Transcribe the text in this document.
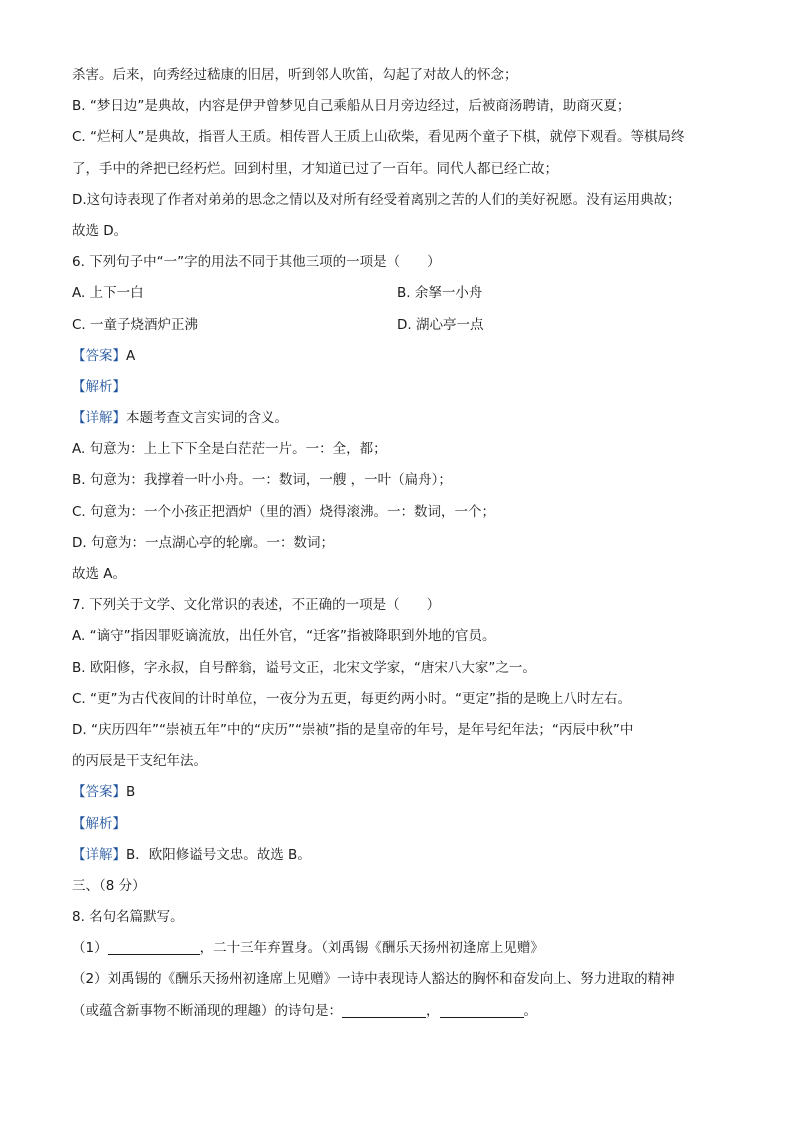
杀害。后来，向秀经过嵇康的旧居，听到邻人吹笛，勾起了对故人的怀念；
B. “梦日边”是典故，内容是伊尹曾梦见自己乘船从日月旁边经过，后被商汤聘请，助商灭夏；
C. “烂柯人”是典故，指晋人王质。相传晋人王质上山砍柴，看见两个童子下棋，就停下观看。等棋局终
了，手中的斧把已经朽烂。回到村里，才知道已过了一百年。同代人都已经亡故；
D.这句诗表现了作者对弟弟的思念之情以及对所有经受着离别之苦的人们的美好祝愿。没有运用典故；
故选 D。
6. 下列句子中“一”字的用法不同于其他三项的一项是（　　）
A. 上下一白	B. 余拏一小舟
C. 一童子烧酒炉正沸	D. 湖心亭一点
【答案】A
【解析】
【详解】本题考查文言实词的含义。
A. 句意为：上上下下全是白茫茫一片。一：全，都；
B. 句意为：我撑着一叶小舟。一：数词，一艘 ，一叶（扁舟）；
C. 句意为：一个小孩正把酒炉（里的酒）烧得滚沸。一：数词，一个；
D. 句意为：一点湖心亭的轮廓。一：数词；
故选 A。
7. 下列关于文学、文化常识的表述，不正确的一项是（　　）
A. “谪守”指因罪贬谪流放，出任外官，“迁客”指被降职到外地的官员。
B. 欧阳修，字永叔，自号醉翁，谥号文正，北宋文学家，“唐宋八大家”之一。
C. “更”为古代夜间的计时单位，一夜分为五更，每更约两小时。“更定”指的是晚上八时左右。
D. “庆历四年”“崇祯五年”中的“庆历”“崇祯”指的是皇帝的年号，是年号纪年法；“丙辰中秋”中
的丙辰是干支纪年法。
【答案】B
【解析】
【详解】B．欧阳修谥号文忠。故选 B。
三、（8 分）
8. 名句名篇默写。
（1）	，二十三年弃置身。（刘禹锡《酬乐天扬州初逢席上见赠》
（2）刘禹锡的《酬乐天扬州初逢席上见赠》一诗中表现诗人豁达的胸怀和奋发向上、努力进取的精神
（或蕴含新事物不断涌现的理趣）的诗句是：	，	。
